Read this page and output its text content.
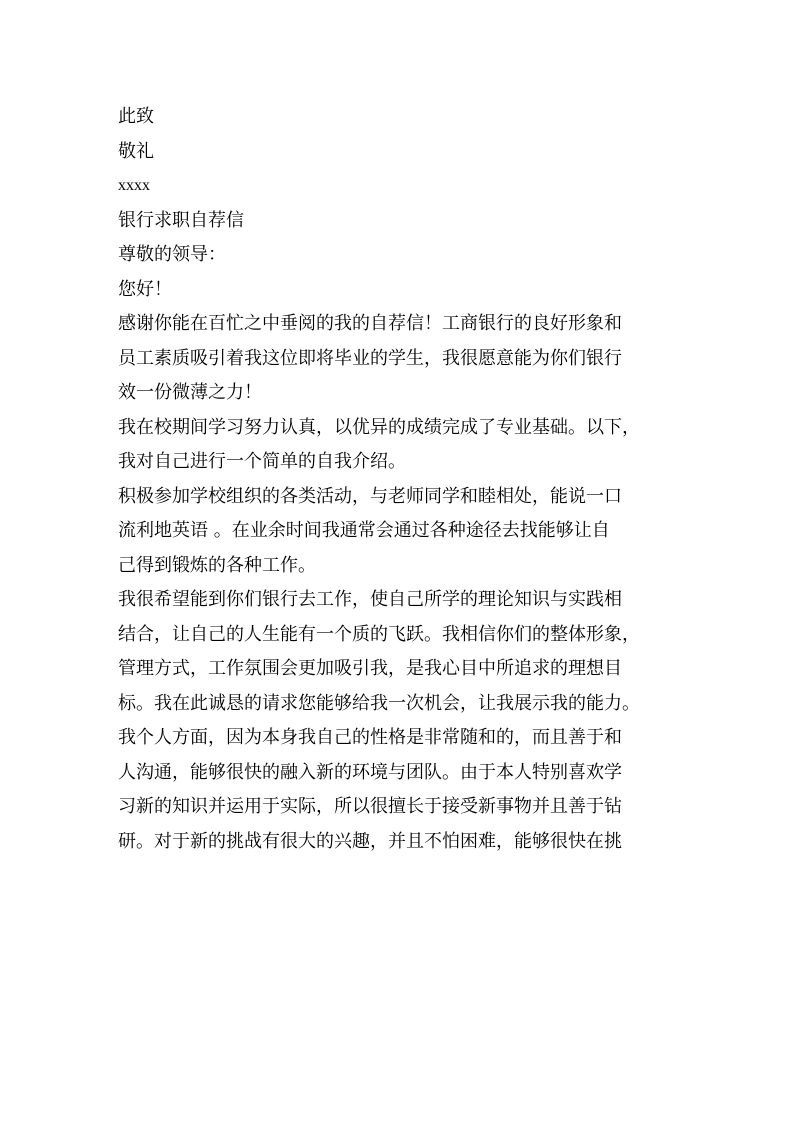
此致
敬礼
xxxx
银行求职自荐信
尊敬的领导：
您好！
感谢你能在百忙之中垂阅的我的自荐信！工商银行的良好形象和
员工素质吸引着我这位即将毕业的学生，我很愿意能为你们银行
效一份微薄之力！
我在校期间学习努力认真，以优异的成绩完成了专业基础。以下，
我对自己进行一个简单的自我介绍。
积极参加学校组织的各类活动，与老师同学和睦相处，能说一口
流利地英语 。在业余时间我通常会通过各种途径去找能够让自
己得到锻炼的各种工作。
我很希望能到你们银行去工作，使自己所学的理论知识与实践相
结合，让自己的人生能有一个质的飞跃。我相信你们的整体形象，
管理方式，工作氛围会更加吸引我，是我心目中所追求的理想目
标。我在此诚恳的请求您能够给我一次机会，让我展示我的能力。
我个人方面，因为本身我自己的性格是非常随和的，而且善于和
人沟通，能够很快的融入新的环境与团队。由于本人特别喜欢学
习新的知识并运用于实际，所以很擅长于接受新事物并且善于钻
研。对于新的挑战有很大的兴趣，并且不怕困难，能够很快在挑
